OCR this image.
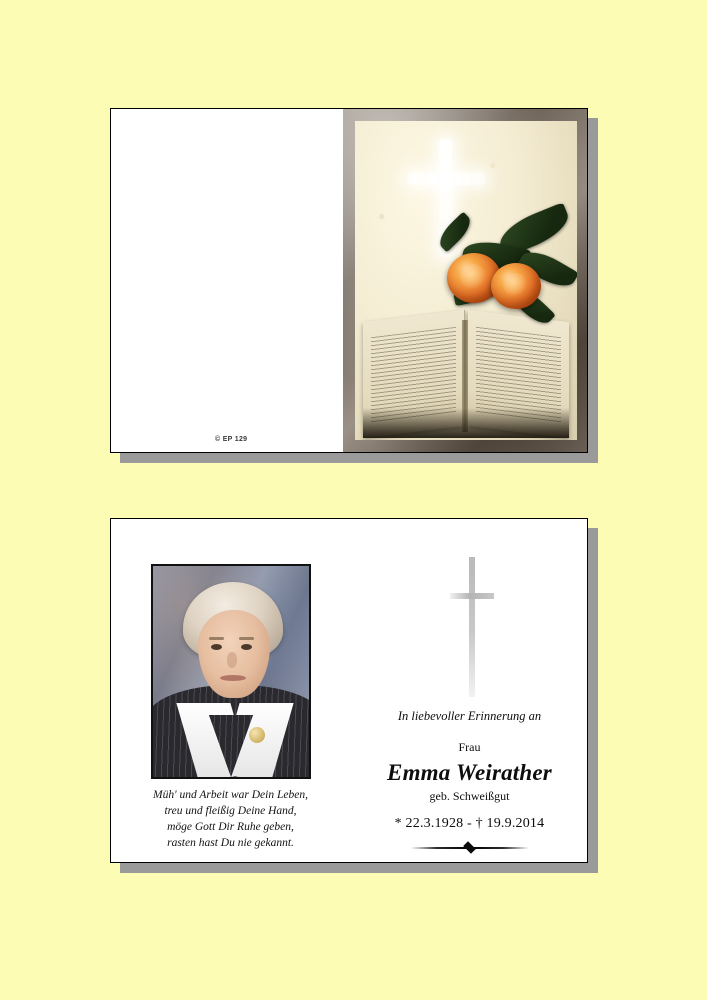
© EP 129
Müh' und Arbeit war Dein Leben,
treu und fleißig Deine Hand,
möge Gott Dir Ruhe geben,
rasten hast Du nie gekannt.
In liebevoller Erinnerung an
Frau
Emma Weirather
geb. Schweißgut
* 22.3.1928 - † 19.9.2014
